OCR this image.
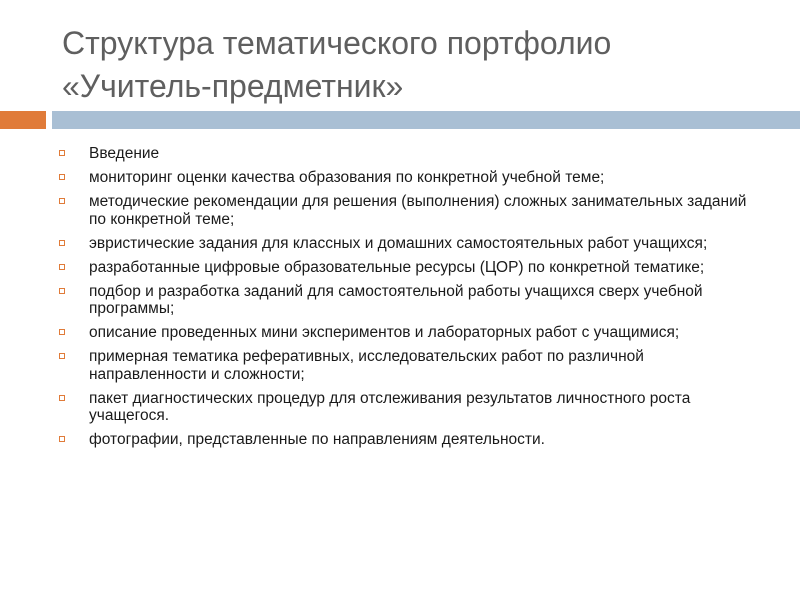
Структура тематического портфолио
«Учитель-предметник»
Введение
мониторинг оценки качества образования по конкретной учебной теме;
методические рекомендации для решения (выполнения) сложных занимательных заданий по конкретной теме;
эвристические задания для классных и домашних самостоятельных работ учащихся;
разработанные цифровые образовательные ресурсы (ЦОР) по конкретной тематике;
подбор и разработка заданий для самостоятельной работы учащихся сверх учебной программы;
описание проведенных мини экспериментов и лабораторных работ с учащимися;
примерная тематика реферативных, исследовательских работ по различной направленности и сложности;
пакет диагностических процедур для отслеживания результатов личностного роста учащегося.
фотографии, представленные по направлениям деятельности.
